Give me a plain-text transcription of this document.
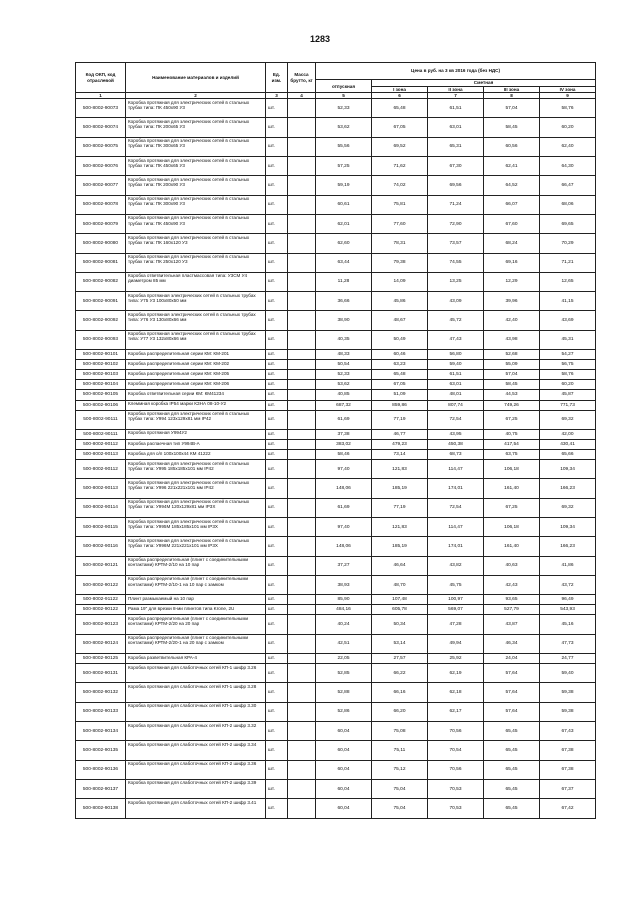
1283
Код ОКП, код отраслевой	Наименование материалов и изделий	Ед. изм.	Масса брутто, кг	Цена в руб. на 3 кв 2016 года (без НДС)				
				отпускная	Сметная			
					I зона	II зона	III зона	IV зона
1	2	3	4	5	6	7	8	9
500-8002-90073	Коробка протяжная для электрических сетей в стальных трубах типа: ПК 450х90 У3	шт.		52,33	65,48	61,51	57,04	58,76
500-8002-90074	Коробка протяжная для электрических сетей в стальных трубах типа: ПК 200х65 У3	шт.		53,62	67,05	63,01	58,45	60,20
500-8002-90075	Коробка протяжная для электрических сетей в стальных трубах типа: ПК 300х65 У3	шт.		55,56	69,52	65,31	60,56	62,40
500-8002-90076	Коробка протяжная для электрических сетей в стальных трубах типа: ПК 450х65 У3	шт.		57,25	71,62	67,30	62,41	64,30
500-8002-90077	Коробка протяжная для электрических сетей в стальных трубах типа: ПК 200х90 У3	шт.		59,19	74,02	69,56	64,52	66,47
500-8002-90078	Коробка протяжная для электрических сетей в стальных трубах типа: ПК 300х90 У3	шт.		60,61	75,81	71,24	66,07	68,06
500-8002-90079	Коробка протяжная для электрических сетей в стальных трубах типа: ПК 450х90 У3	шт.		62,01	77,60	72,90	67,60	69,65
500-8002-90080	Коробка протяжная для электрических сетей в стальных трубах типа: ПК 160х120 У3	шт.		62,60	78,31	73,57	68,24	70,29
500-8002-90081	Коробка протяжная для электрических сетей в стальных трубах типа: ПК 250х120 У3	шт.		63,44	79,38	74,55	69,16	71,21
500-8002-90082	Коробка ответвительная пластмассовая типа: У3СМ У4 диаметром 85 мм	шт.		11,28	14,09	13,25	12,29	12,65
500-8002-90091	Коробка протяжная электрических сетей в стальных трубах типа: У75 У3 100х80х50 мм	шт.		36,66	45,86	43,09	39,96	41,15
500-8002-90092	Коробка протяжная электрических сетей в стальных трубах типа: У76 У3 130х80х66 мм	шт.		38,90	48,67	45,72	42,40	43,69
500-8002-90093	Коробка протяжная электрических сетей в стальных трубах типа: У77 У3 132х80х66 мм	шт.		40,35	50,49	47,43	43,98	45,31
500-8002-90101	Коробка распределительная серии КМ: КМ-201	шт.		48,33	60,46	56,80	52,68	54,27
500-8002-90102	Коробка распределительная серии КМ: КМ-202	шт.		50,54	63,23	59,40	55,09	56,75
500-8002-90103	Коробка распределительная серии КМ: КМ-205	шт.		52,33	65,48	61,51	57,04	58,76
500-8002-90104	Коробка распределительная серии КМ: КМ-206	шт.		53,62	67,05	63,01	58,45	60,20
500-8002-90105	Коробка ответвительная серии КМ: КМ41234	шт.		40,85	51,09	48,01	44,53	45,87
500-8002-90106	Клеммная коробка IP54 марки КЗНА 08-10-У2	шт.		687,32	859,86	807,74	749,26	771,73
500-8002-90111	Коробка протяжная для электрических сетей в стальных трубах типа: У994 123х129х81 мм IP42	шт.		61,69	77,19	72,54	67,25	69,32
500-8002-90111	Коробка протяжная У994У2	шт.		37,38	46,77	43,95	40,75	42,00
500-8002-90112	Коробка распаечная тип У994В-А	шт.		383,02	479,23	450,38	417,54	430,41
500-8002-90113	Коробка для о/п 100х100х44 КМ 41222	шт.		58,46	73,14	68,73	63,75	65,66
500-8002-90112	Коробка протяжная для электрических сетей в стальных трубах типа: У995 185х185х101 мм IP42	шт.		97,40	121,83	114,47	106,18	109,34
500-8002-90113	Коробка протяжная для электрических сетей в стальных трубах типа: У996 221х221х101 мм IP42	шт.		148,06	185,19	174,01	161,40	166,23
500-8002-90114	Коробка протяжная для электрических сетей в стальных трубах типа: У994М 120х129х81 мм IP3X	шт.		61,69	77,19	72,54	67,25	69,32
500-8002-90115	Коробка протяжная для электрических сетей в стальных трубах типа: У995М 185х185х101 мм IP3X	шт.		97,40	121,83	114,47	106,18	109,34
500-8002-90116	Коробка протяжная для электрических сетей в стальных трубах типа: У996М 221х221х101 мм IP3X	шт.		148,06	185,19	174,01	161,40	166,23
500-8002-90121	Коробка распределительная (плинт с соединительными контактами) КРТМ-2/10 на 10 пар	шт.		37,27	46,64	43,82	40,63	41,86
500-8002-90122	Коробка распределительная (плинт с соединительными контактами) КРТМ-2/10-1 на 10 пар с замком	шт.		38,93	48,70	45,75	42,43	43,72
500-8002-91122	Плинт размыкаемый на 10 пар	шт.		85,90	107,48	100,97	93,65	96,49
500-8002-90122	Рама 19" для врезки 8-ми плинтов типа Krone, 2U	шт.		484,16	605,78	569,07	527,79	543,93
500-8002-90123	Коробка распределительная (плинт с соединительными контактами) КРТМ-2/20 на 20 пар	шт.		40,24	50,34	47,28	43,87	45,16
500-8002-90124	Коробка распределительная (плинт с соединительными контактами) КРТМ-2/20-1 на 20 пар с замком	шт.		42,51	53,14	49,94	46,34	47,73
500-8002-90125	Коробка разветвительная КРА-4	шт.		22,05	27,57	25,92	24,04	24,77
500-8002-90131	Коробка протяжная для слаботочных сетей КП-1 шифр 3.26	шт.		52,85	66,22	62,19	57,64	59,40
500-8002-90132	Коробка протяжная для слаботочных сетей КП-1 шифр 3.28	шт.		52,88	66,16	62,18	57,64	59,38
500-8002-90133	Коробка протяжная для слаботочных сетей КП-1 шифр 3.30	шт.		52,86	66,20	62,17	57,64	59,38
500-8002-90134	Коробка протяжная для слаботочных сетей КП-2 шифр 3.32	шт.		60,04	75,08	70,56	65,45	67,43
500-8002-90135	Коробка протяжная для слаботочных сетей КП-2 шифр 3.34	шт.		60,04	75,11	70,54	65,45	67,38
500-8002-90136	Коробка протяжная для слаботочных сетей КП-2 шифр 3.36	шт.		60,04	75,12	70,56	65,45	67,38
500-8002-90137	Коробка протяжная для слаботочных сетей КП-2 шифр 3.39	шт.		60,04	75,04	70,53	65,45	67,37
500-8002-90138	Коробка протяжная для слаботочных сетей КП-2 шифр 3.41	шт.		60,04	75,04	70,53	65,45	67,42
